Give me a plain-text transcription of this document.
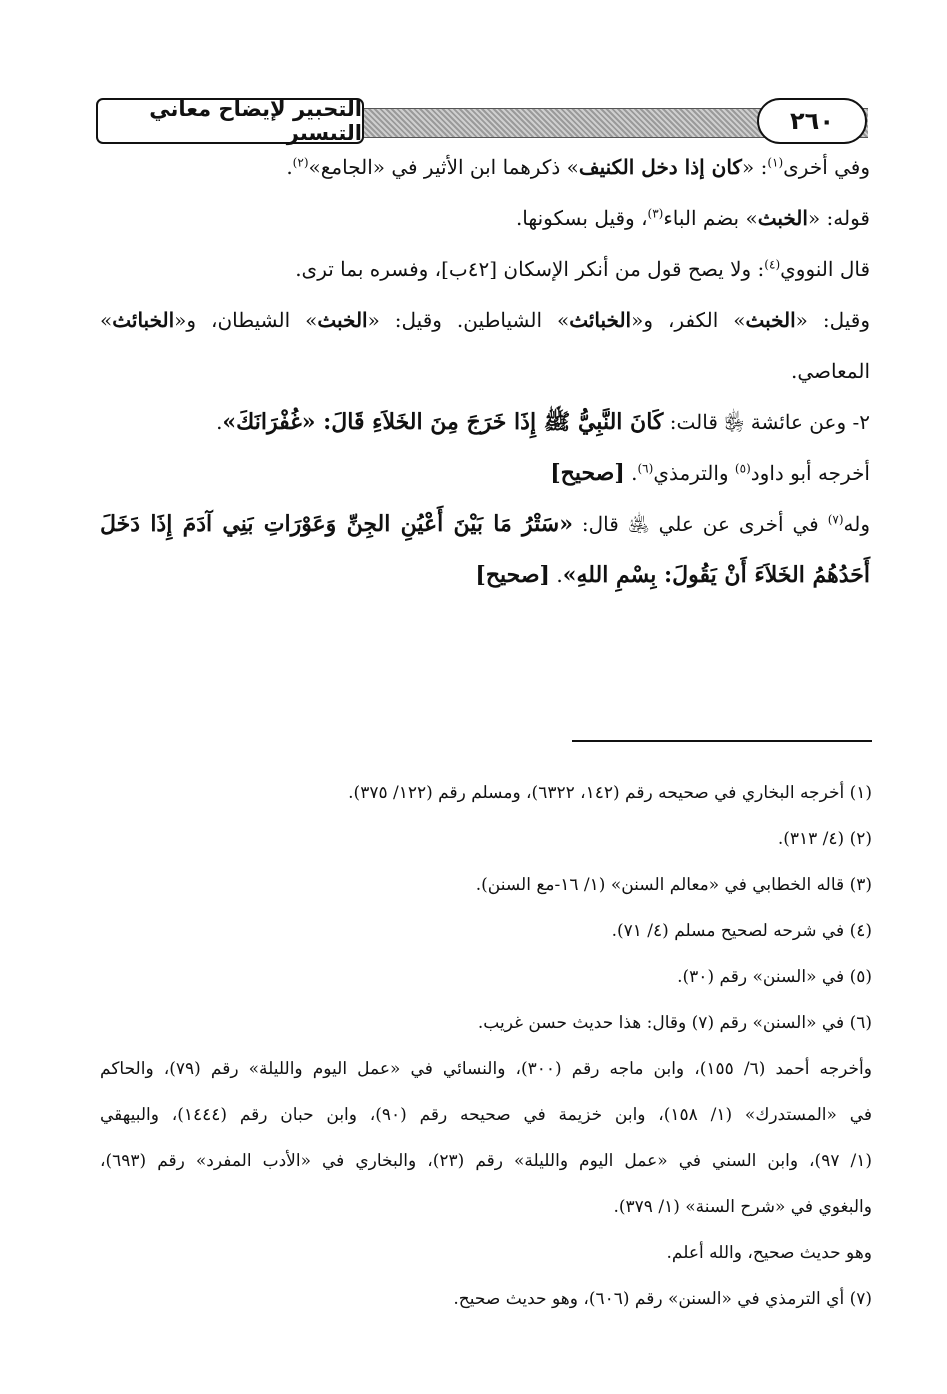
٢٦٠
التحبير لإيضاح معاني التيسير
وفي أخرى$^{(١)}$: «كان إذا دخل الكنيف» ذكرهما ابن الأثير في «الجامع»$^{(٢)}$.
قوله: «الخبث» بضم الباء$^{(٣)}$، وقيل بسكونها.
قال النووي$^{(٤)}$: ولا يصح قول من أنكر الإسكان [٤٢ب]، وفسره بما ترى.
وقيل: «الخبث» الكفر، و«الخبائث» الشياطين. وقيل: «الخبث» الشيطان، و«الخبائث»
المعاصي.
٢- وعن عائشة ﵂ قالت: كَانَ النَّبِيُّ ﷺ إِذَا خَرَجَ مِنَ الخَلاَءِ قَالَ: «غُفْرَانَكَ».
أخرجه أبو داود$^{(٥)}$ والترمذي$^{(٦)}$. [صحيح]
وله$^{(٧)}$ في أخرى عن علي ﵁ قال: «سَتْرُ مَا بَيْنَ أَعْيُنِ الجِنِّ وَعَوْرَاتِ بَنِي آدَمَ إِذَا دَخَلَ
أَحَدُهُمُ الخَلاَءَ أَنْ يَقُولَ: بِسْمِ اللهِ». [صحيح]
(١) أخرجه البخاري في صحيحه رقم (١٤٢، ٦٣٢٢)، ومسلم رقم (١٢٢/ ٣٧٥).
(٢) (٤/ ٣١٣).
(٣) قاله الخطابي في «معالم السنن» (١/ ١٦-مع السنن).
(٤) في شرحه لصحيح مسلم (٤/ ٧١).
(٥) في «السنن» رقم (٣٠).
(٦) في «السنن» رقم (٧) وقال: هذا حديث حسن غريب.
وأخرجه أحمد (٦/ ١٥٥)، وابن ماجه رقم (٣٠٠)، والنسائي في «عمل اليوم والليلة» رقم (٧٩)، والحاكم
في «المستدرك» (١/ ١٥٨)، وابن خزيمة في صحيحه رقم (٩٠)، وابن حبان رقم (١٤٤٤)، والبيهقي
(١/ ٩٧)، وابن السني في «عمل اليوم والليلة» رقم (٢٣)، والبخاري في «الأدب المفرد» رقم (٦٩٣)،
والبغوي في «شرح السنة» (١/ ٣٧٩).
وهو حديث صحيح، والله أعلم.
(٧) أي الترمذي في «السنن» رقم (٦٠٦)، وهو حديث صحيح.
